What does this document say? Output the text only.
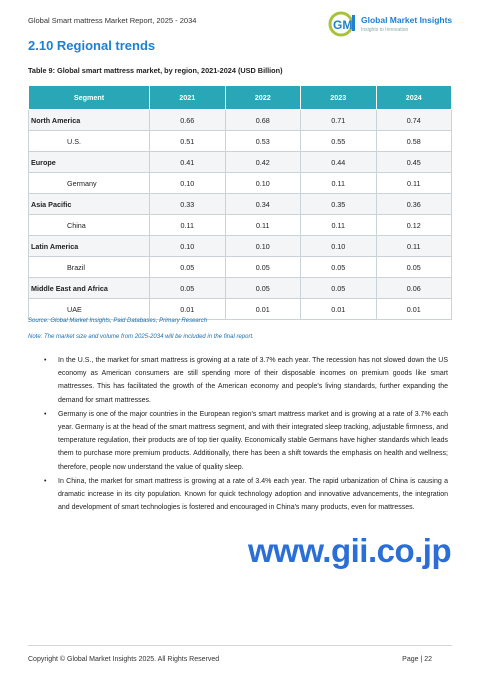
Global Smart mattress Market Report, 2025 - 2034	GM Global Market Insights
Insights to Innovation
2.10 Regional trends
Table 9: Global smart mattress market, by region, 2021-2024 (USD Billion)
Segment	2021	2022	2023	2024
North America	0.66	0.68	0.71	0.74
U.S.	0.51	0.53	0.55	0.58
Europe	0.41	0.42	0.44	0.45
Germany	0.10	0.10	0.11	0.11
Asia Pacific	0.33	0.34	0.35	0.36
China	0.11	0.11	0.11	0.12
Latin America	0.10	0.10	0.10	0.11
Brazil	0.05	0.05	0.05	0.05
Middle East and Africa	0.05	0.05	0.05	0.06
UAE	0.01	0.01	0.01	0.01
Source: Global Market Insights, Paid Databases, Primary Research
Note: The market size and volume from 2025-2034 will be included in the final report.
• In the U.S., the market for smart mattress is growing at a rate of 3.7% each year. The recession has not slowed down the US economy as American consumers are still spending more of their disposable incomes on premium goods like smart mattresses. This has facilitated the growth of the American economy and people's living standards, further expanding the demand for smart mattresses.
• Germany is one of the major countries in the European region's smart mattress market and is growing at a rate of 3.7% each year. Germany is at the head of the smart mattress segment, and with their integrated sleep tracking, adjustable firmness, and temperature regulation, their products are of top tier quality. Economically stable Germans have higher standards which leads them to purchase more premium products. Additionally, there has been a shift towards the emphasis on health and wellness; therefore, people now understand the value of quality sleep.
• In China, the market for smart mattress is growing at a rate of 3.4% each year. The rapid urbanization of China is causing a dramatic increase in its city population. Known for quick technology adoption and innovative advancements, the integration and development of smart technologies is fostered and encouraged in China's many products, even for mattresses.
www.gii.co.jp
Copyright © Global Market Insights 2025. All Rights Reserved	Page | 22
